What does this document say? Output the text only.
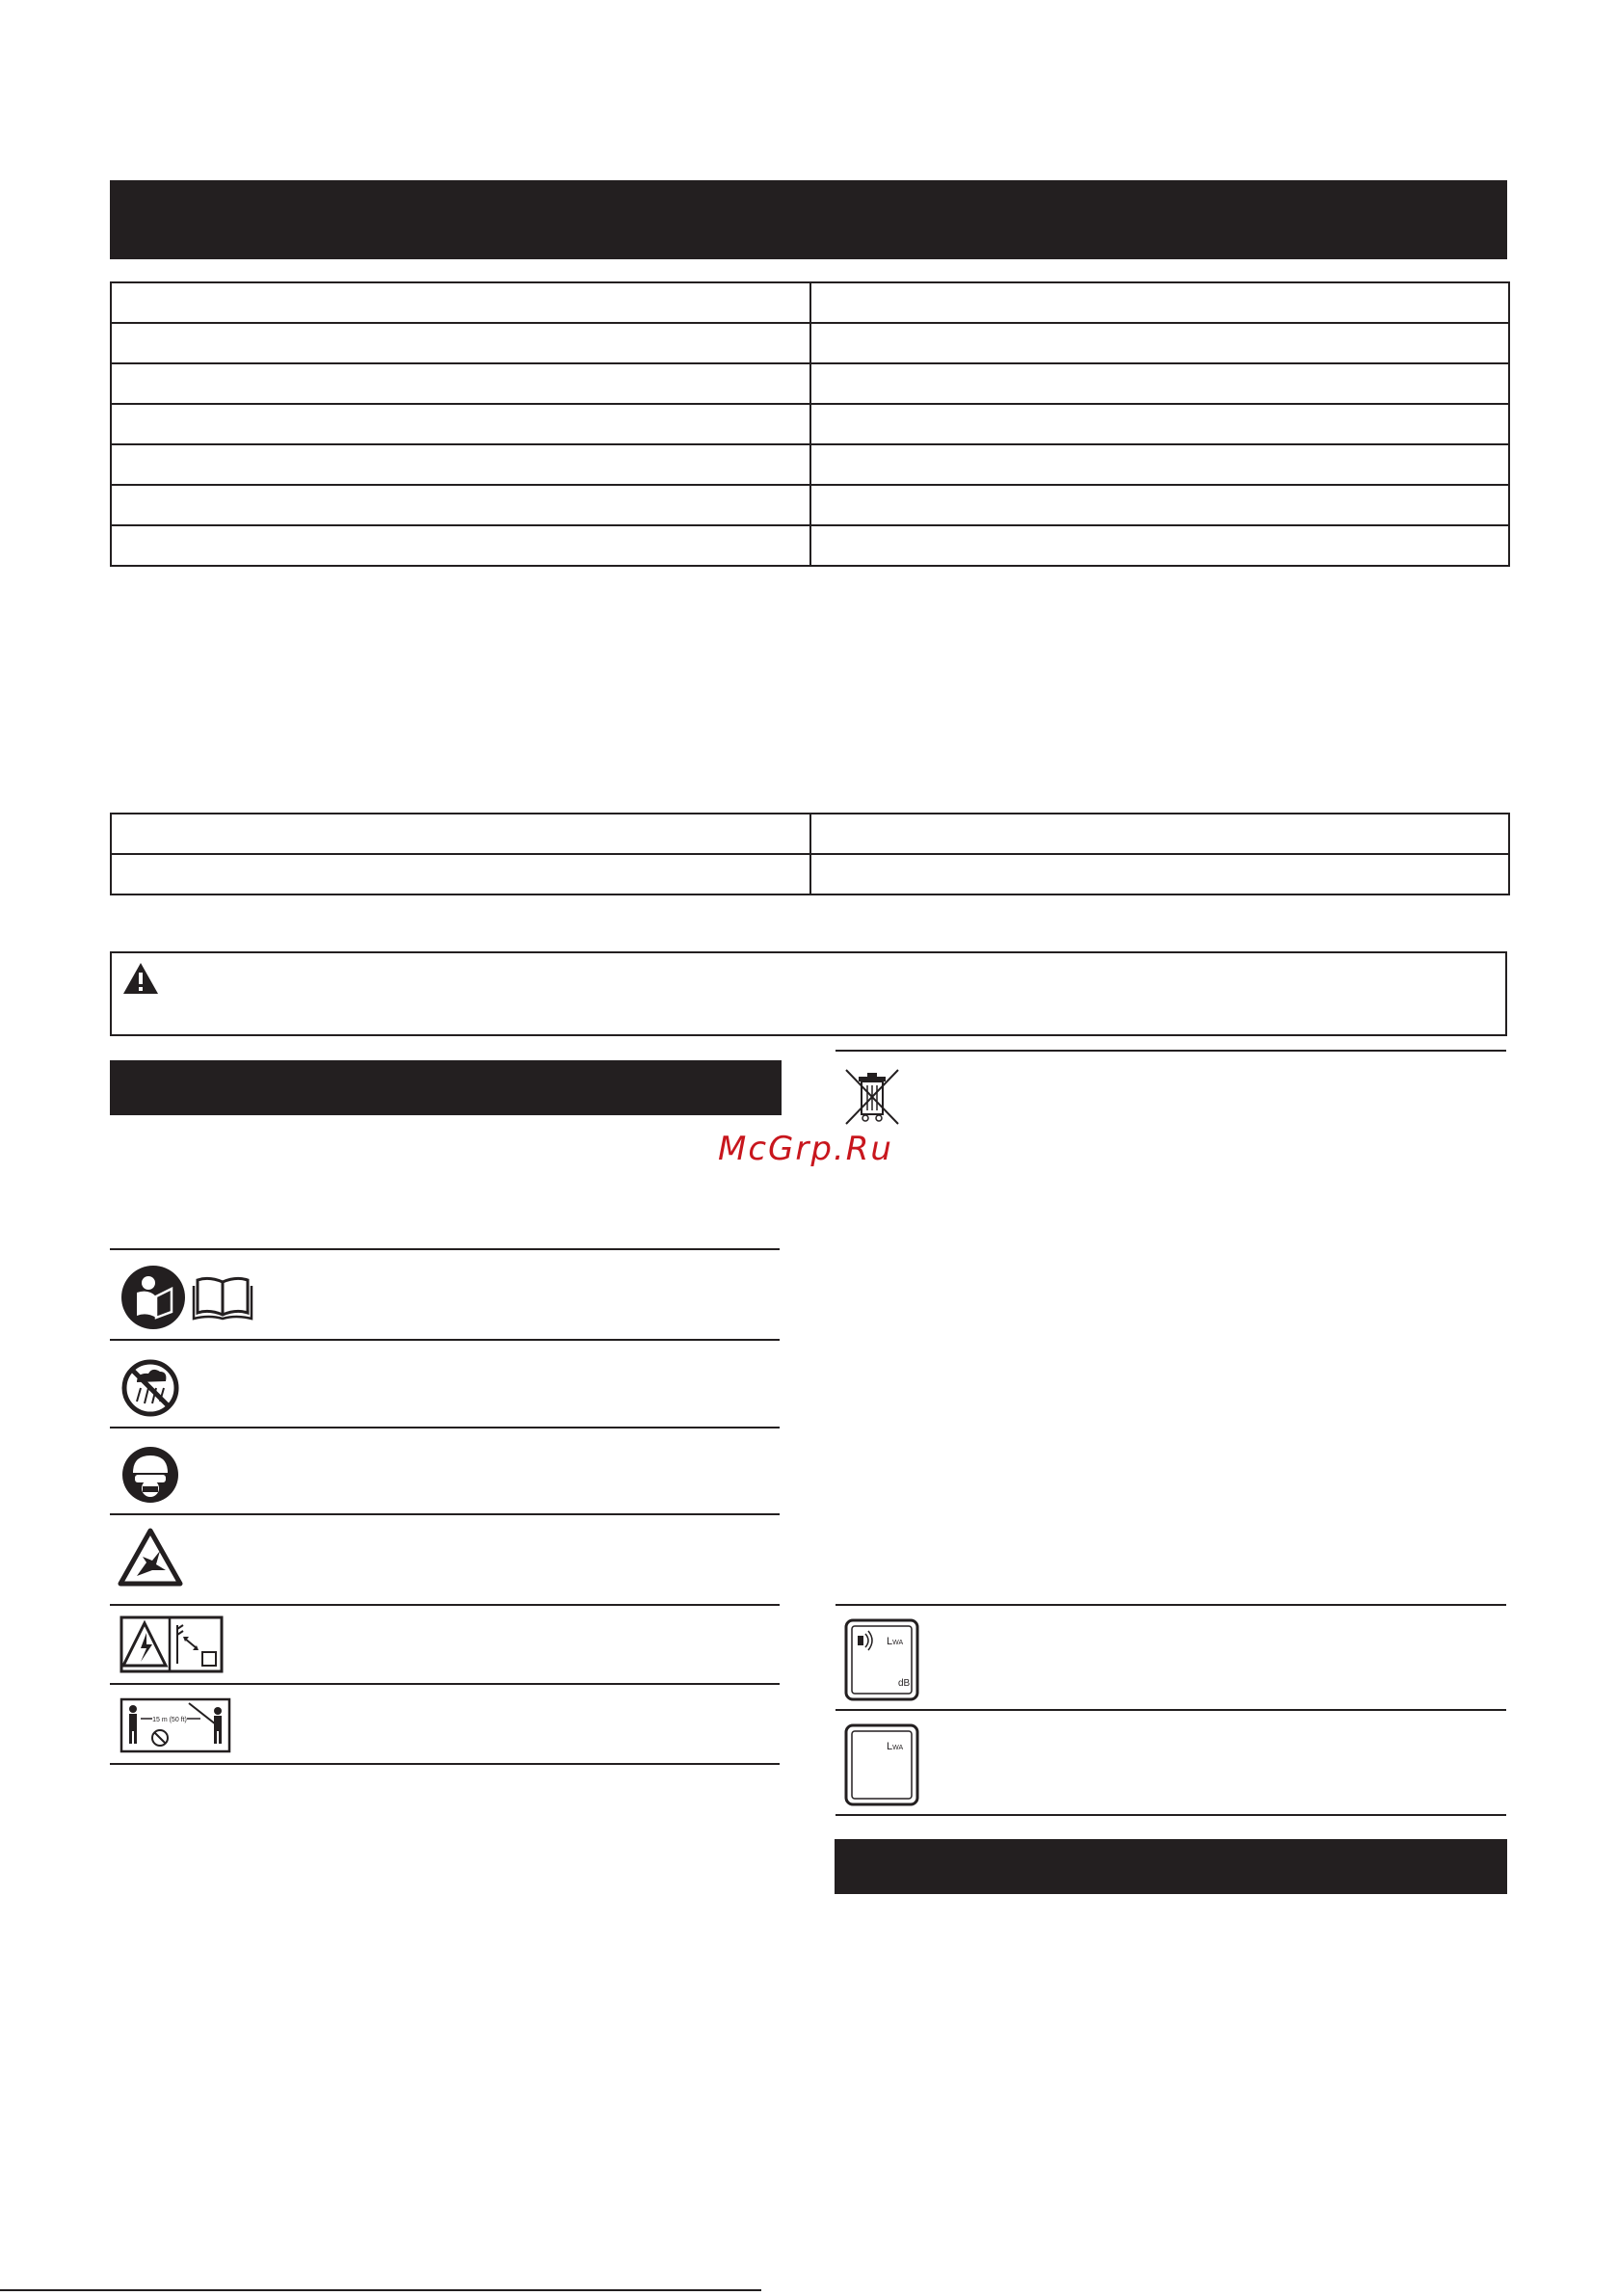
McGrp.Ru
15 m (50 ft)
LWA
dB
LWA
